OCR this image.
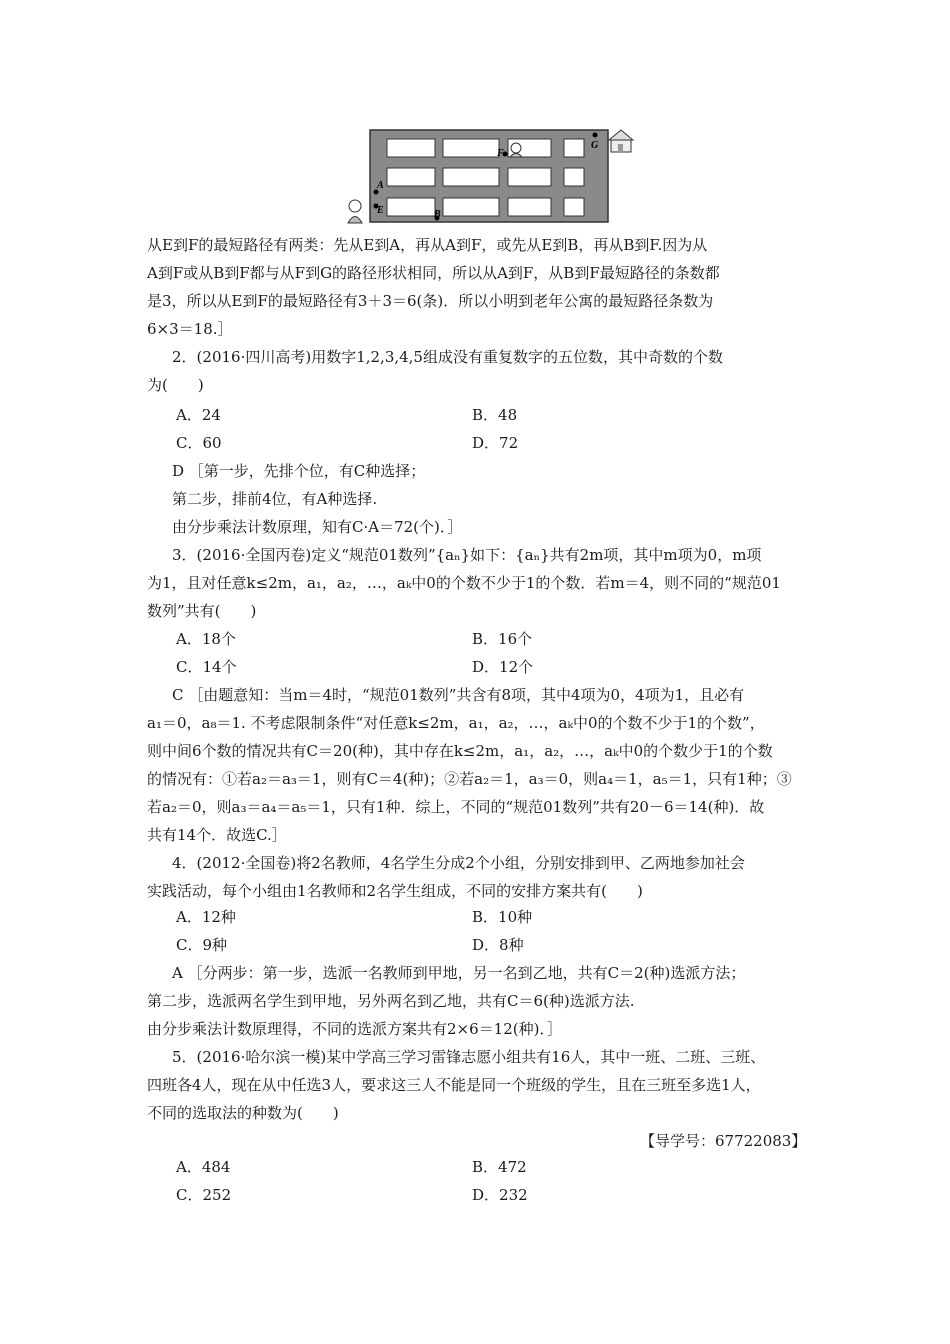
A
E	B
F
G
从E到F的最短路径有两类：先从E到A，再从A到F，或先从E到B，再从B到F.因为从
A到F或从B到F都与从F到G的路径形状相同，所以从A到F，从B到F最短路径的条数都
是3，所以从E到F的最短路径有3＋3＝6(条)．所以小明到老年公寓的最短路径条数为
6×3＝18.］
2．(2016·四川高考)用数字1,2,3,4,5组成没有重复数字的五位数，其中奇数的个数
为(　　)
A．24	B．48
C．60	D．72
D ［第一步，先排个位，有C种选择；
第二步，排前4位，有A种选择.
由分步乘法计数原理，知有C·A＝72(个)．］
3．(2016·全国丙卷)定义“规范01数列”{aₙ}如下：{aₙ}共有2m项，其中m项为0，m项
为1，且对任意k≤2m，a₁，a₂，…，aₖ中0的个数不少于1的个数．若m＝4，则不同的“规范01
数列”共有(　　)
A．18个	B．16个
C．14个	D．12个
C ［由题意知：当m＝4时，“规范01数列”共含有8项，其中4项为0，4项为1，且必有
a₁＝0，a₈＝1. 不考虑限制条件“对任意k≤2m，a₁，a₂，…，aₖ中0的个数不少于1的个数”，
则中间6个数的情况共有C＝20(种)，其中存在k≤2m，a₁，a₂，…，aₖ中0的个数少于1的个数
的情况有：①若a₂＝a₃＝1，则有C＝4(种)；②若a₂＝1，a₃＝0，则a₄＝1，a₅＝1，只有1种；③
若a₂＝0，则a₃＝a₄＝a₅＝1，只有1种．综上，不同的“规范01数列”共有20－6＝14(种)．故
共有14个．故选C.］
4．(2012·全国卷)将2名教师，4名学生分成2个小组，分别安排到甲、乙两地参加社会
实践活动，每个小组由1名教师和2名学生组成，不同的安排方案共有(　　)
A．12种	B．10种
C．9种	D．8种
A ［分两步：第一步，选派一名教师到甲地，另一名到乙地，共有C＝2(种)选派方法；
第二步，选派两名学生到甲地，另外两名到乙地，共有C＝6(种)选派方法.
由分步乘法计数原理得，不同的选派方案共有2×6＝12(种)．］
5．(2016·哈尔滨一模)某中学高三学习雷锋志愿小组共有16人，其中一班、二班、三班、
四班各4人，现在从中任选3人，要求这三人不能是同一个班级的学生，且在三班至多选1人，
不同的选取法的种数为(　　)
【导学号：67722083】
A．484	B．472
C．252	D．232
